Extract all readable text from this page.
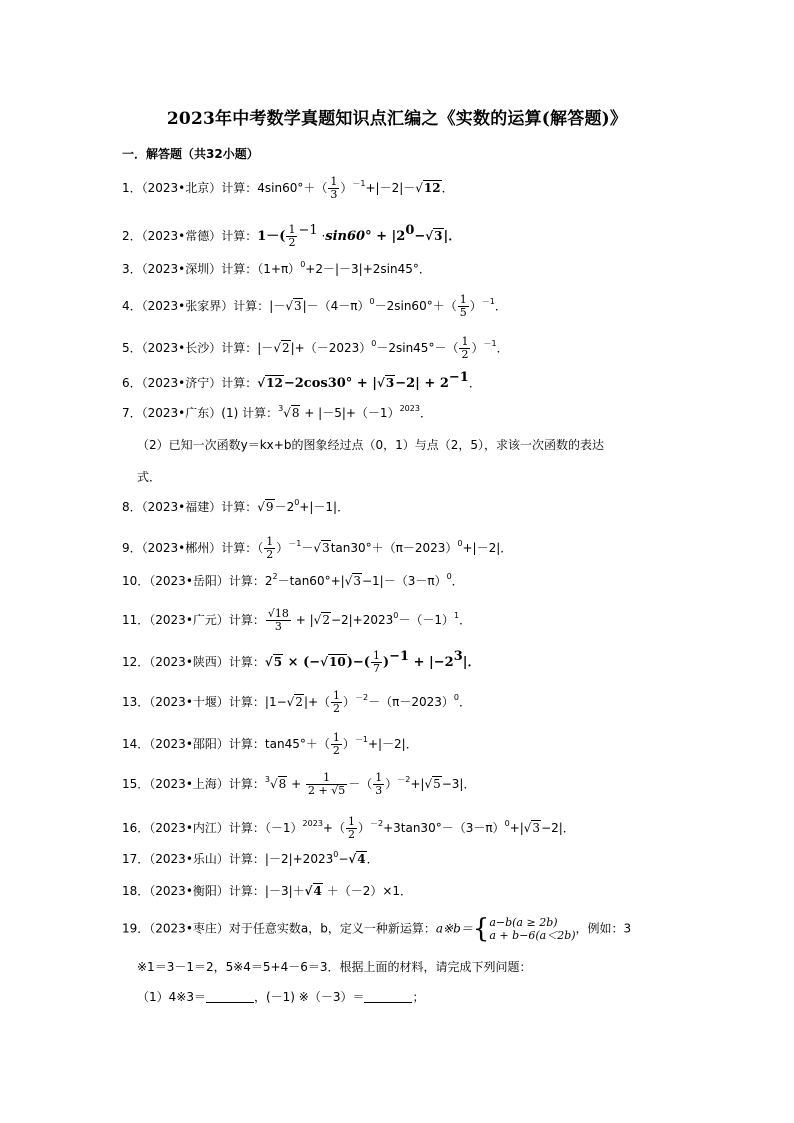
2023年中考数学真题知识点汇编之《实数的运算(解答题)》
一．解答题（共32小题）
1．（2023•北京）计算：$4\sin 60^\circ+( \frac{1}{3} )^{-1}+|-2|-√12$．
2．（2023•常德）计算：$1-( \frac{1}{2} ^{-1} \cdot\sin 60^\circ + |2^0-√3|$．
3．（2023•深圳）计算：$(1+\pi)^0+2-|-3|+2\sin 45^\circ$．
4．（2023•张家界）计算：$|-√3|-(4-\pi)^0-2\sin 60^\circ+( \frac{1}{5} )^{-1}$．
5．（2023•长沙）计算：$|-√2|+(-2023)^0-2\sin 45^\circ-( \frac{1}{2} )^{-1}$．
6．（2023•济宁）计算：$√12-2\cos 30^\circ + |√3-2| + 2^{-1}$．
7．（2023•广东）(1) 计算：$^3√8 + |-5|+(-1)^{2023}$．
（2）已知一次函数y＝kx+b的图象经过点（0，1）与点（2，5），求该一次函数的表达
式．
8．（2023•福建）计算：$√9-2^0+|-1|$．
9．（2023•郴州）计算：（ $\frac{1}{2} )^{-1}-√3\tan 30^\circ+(\pi-2023)^0+|-2|$．
10．（2023•岳阳）计算：$2^2-\tan 60^\circ+|√3-1|-(3-\pi)^0$．
11．（2023•广元）计算： $\frac{√18}{3} + |√2-2|+2023^0-(-1)^1$．
12．（2023•陕西）计算：$√5 \times (-√10)-( \frac{1}{7} )^{-1} + |-2^3|$．
13．（2023•十堰）计算：$|1-√2|+( \frac{1}{2} )^{-2}-(\pi-2023)^0$．
14．（2023•邵阳）计算：$\tan 45^\circ+( \frac{1}{2} )^{-1}+|-2|$．
15．（2023•上海）计算：$^3√8 + \frac{1}{2 + √5}$ －（ $\frac{1}{3} )^{-2}+|√5-3|$．
16．（2023•内江）计算：$(-1)^{2023}+( \frac{1}{2} )^{-2}+3\tan 30^\circ-(3-\pi)^0+|√3-2|$．
17．（2023•乐山）计算：$|-2|+2023^0-√4$．
18．（2023•衡阳）计算：|－3|＋√4 ＋（－2）×1．
19．（2023•枣庄）对于任意实数a，b，定义一种新运算：a※b＝{ a−b(a ≥ 2b)
a + b−6(a＜2b) ，例如：3
※1＝3－1＝2，5※4＝5+4－6＝3．根据上面的材料，请完成下列问题：
（1）4※3＝	，(－1) ※（－3）＝	；
